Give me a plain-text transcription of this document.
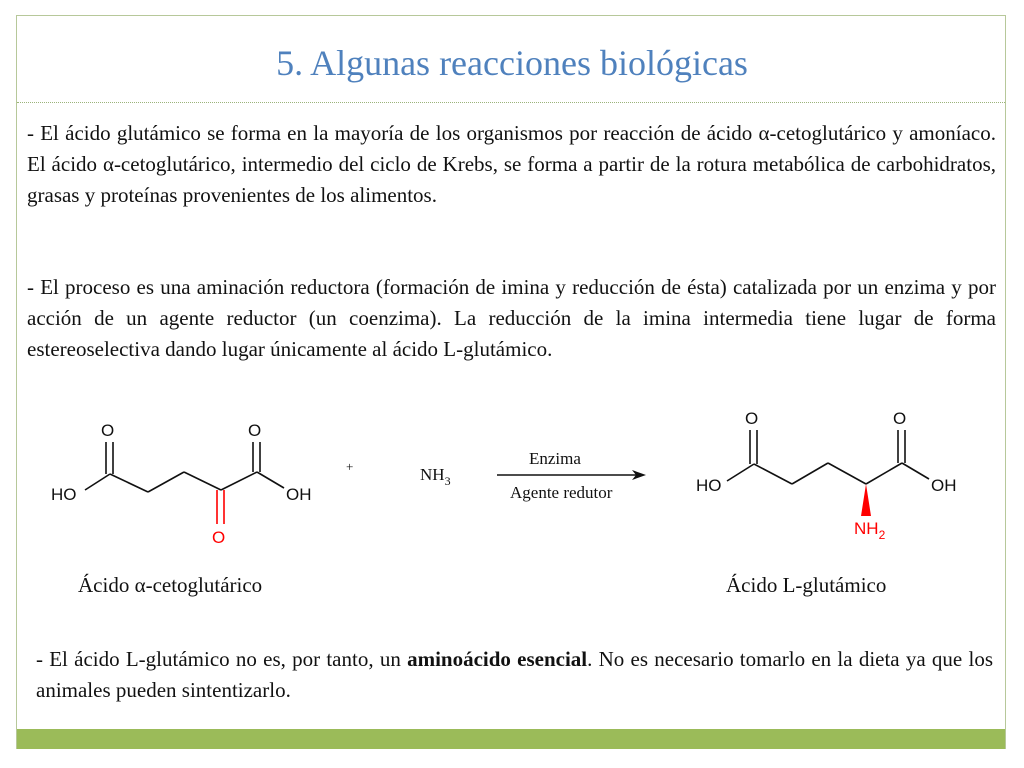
5. Algunas reacciones biológicas

- El ácido glutámico se forma en la mayoría de los organismos por reacción de ácido α-cetoglutárico y amoníaco. El ácido α-cetoglutárico, intermedio del ciclo de Krebs, se forma a partir de la rotura metabólica de carbohidratos, grasas y proteínas provenientes de los alimentos.

- El proceso es una aminación reductora (formación de imina y reducción de ésta) catalizada por un enzima y por acción de un agente reductor (un coenzima). La reducción de la imina intermedia tiene lugar de forma estereoselectiva dando lugar únicamente al ácido L-glutámico.

O	O
HO	OH
O
+	$NH_3$
Enzima
Agente redutor
O	O
HO	OH
$NH_2$
Ácido α-cetoglutárico	Ácido L-glutámico

- El ácido L-glutámico no es, por tanto, un aminoácido esencial. No es necesario tomarlo en la dieta ya que los animales pueden sintentizarlo.
